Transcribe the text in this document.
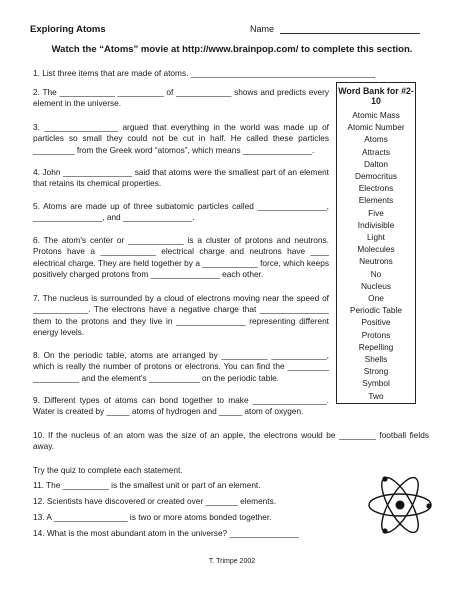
Exploring Atoms	Name
Watch the “Atoms” movie at http://www.brainpop.com/ to complete this section.
1. List three items that are made of atoms. ________________________________________
2. The ____________ __________ of ____________ shows and predicts every element in the universe.
3. ________________ argued that everything in the world was made up of particles so small they could not be cut in half. He called these particles _________ from the Greek word “atomos”, which means _______________.
4. John _______________ said that atoms were the smallest part of an element that retains its chemical properties.
5. Atoms are made up of three subatomic particles called _______________, _______________, and _______________.
6. The atom's center or ____________ is a cluster of protons and neutrons. Protons have a ____________ electrical charge and neutrons have ____ electrical charge. They are held together by a ____________ force, which keeps positively charged protons from _______________ each other.
7. The nucleus is surrounded by a cloud of electrons moving near the speed of ____________. The electrons have a negative charge that _______________ them to the protons and they live in _______________ representing different energy levels.
8. On the periodic table, atoms are arranged by __________ ____________, which is really the number of protons or electrons. You can find the _________ __________ and the element's ___________ on the periodic table.
9. Different types of atoms can bond together to make ________________. Water is created by _____ atoms of hydrogen and _____ atom of oxygen.
10. If the nucleus of an atom was the size of an apple, the electrons would be ________ football fields away.
Try the quiz to complete each statement.
11. The __________ is the smallest unit or part of an element.
12. Scientists have discovered or created over _______ elements.
13. A ________________ is two or more atoms bonded together.
14. What is the most abundant atom in the universe? _______________
Word Bank for #2-10
Atomic Mass
Atomic Number
Atoms
Attracts
Dalton
Democritus
Electrons
Elements
Five
Indivisible
Light
Molecules
Neutrons
No
Nucleus
One
Periodic Table
Positive
Protons
Repelling
Shells
Strong
Symbol
Two
T. Trimpe 2002
